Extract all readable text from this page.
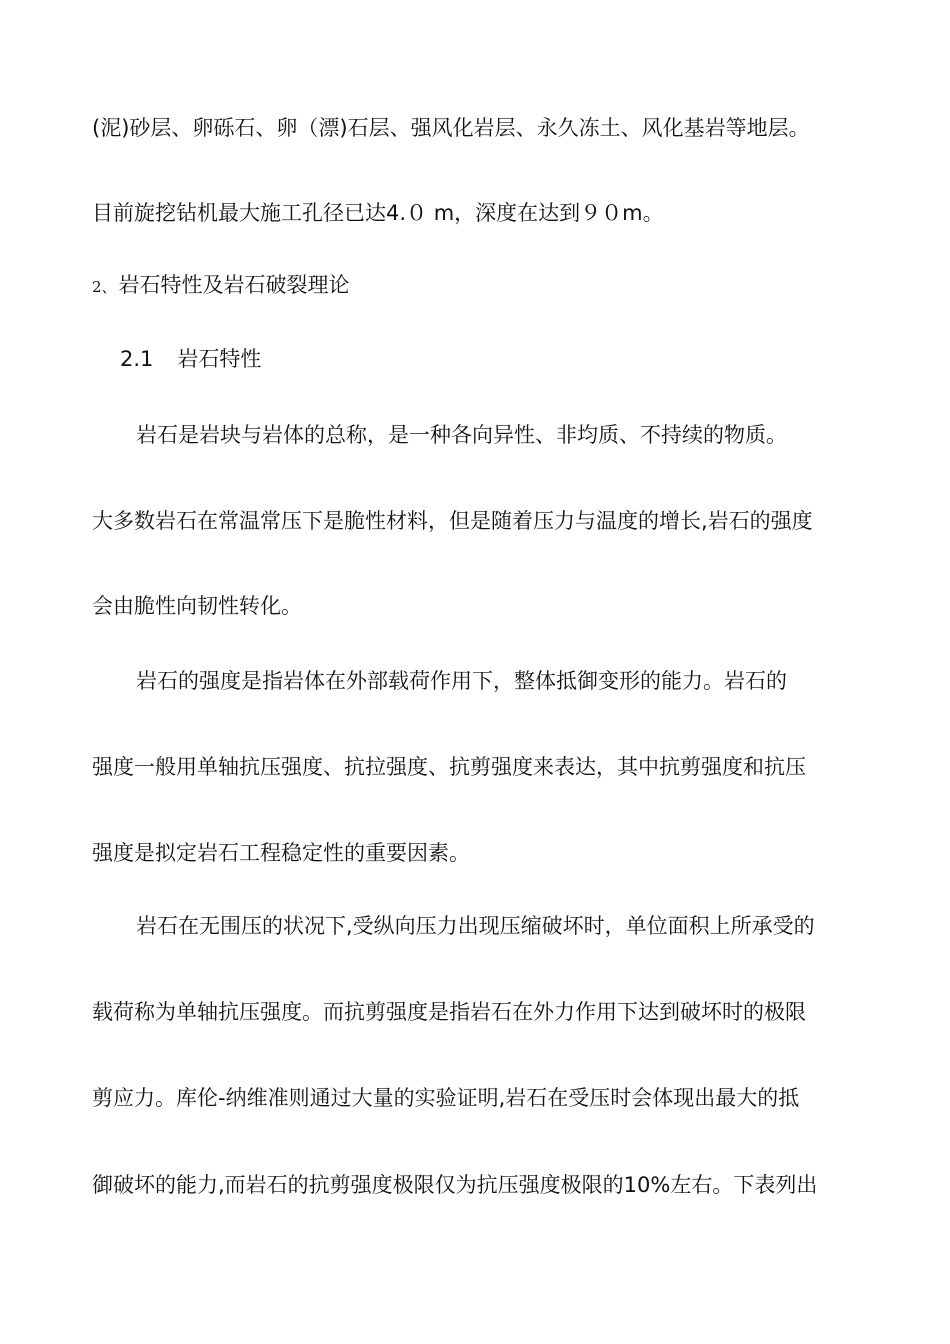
(泥)砂层、卵砾石、卵（漂)石层、强风化岩层、永久冻土、风化基岩等地层。
目前旋挖钻机最大施工孔径已达4.０ m，深度在达到９０m。
2、岩石特性及岩石破裂理论
2.1 岩石特性
岩石是岩块与岩体的总称，是一种各向异性、非均质、不持续的物质。
大多数岩石在常温常压下是脆性材料，但是随着压力与温度的增长,岩石的强度
会由脆性向韧性转化。
岩石的强度是指岩体在外部载荷作用下，整体抵御变形的能力。岩石的
强度一般用单轴抗压强度、抗拉强度、抗剪强度来表达，其中抗剪强度和抗压
强度是拟定岩石工程稳定性的重要因素。
岩石在无围压的状况下,受纵向压力出现压缩破坏时，单位面积上所承受的
载荷称为单轴抗压强度。而抗剪强度是指岩石在外力作用下达到破坏时的极限
剪应力。库伦-纳维准则通过大量的实验证明,岩石在受压时会体现出最大的抵
御破坏的能力,而岩石的抗剪强度极限仅为抗压强度极限的10%左右。下表列出
